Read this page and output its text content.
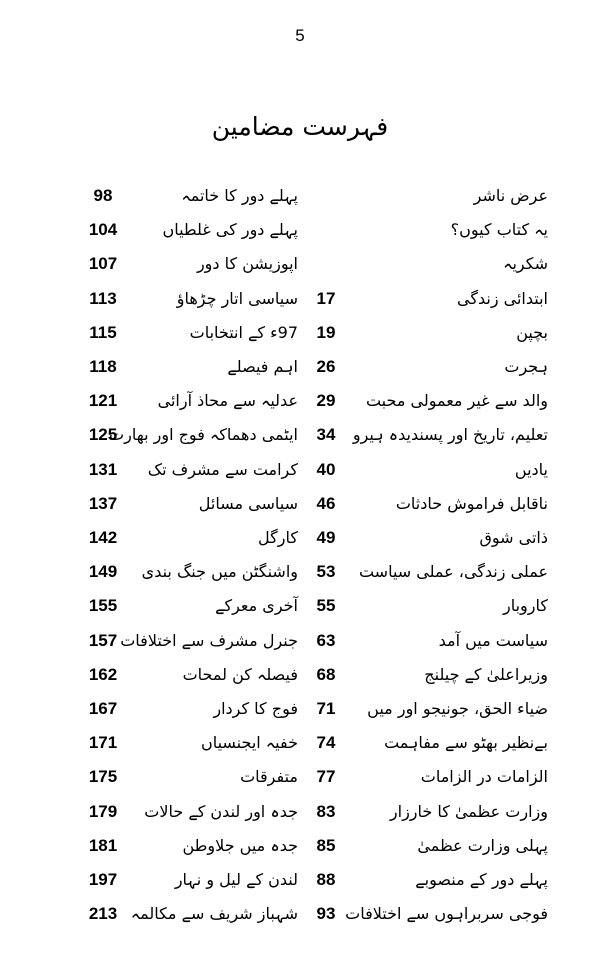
5
فہرست مضامین
عرض ناشر
پہلے دور کا خاتمہ
98
یہ کتاب کیوں؟
پہلے دور کی غلطیاں
104
شکریہ
اپوزیشن کا دور
107
ابتدائی زندگی
17
سیاسی اتار چڑھاؤ
113
بچپن
19
97ء کے انتخابات
115
ہجرت
26
اہم فیصلے
118
والد سے غیر معمولی محبت
29
عدلیہ سے محاذ آرائی
121
تعلیم، تاریخ اور پسندیدہ ہیرو
34
ایٹمی دھماکہ فوج اور بھارت
125
یادیں
40
کرامت سے مشرف تک
131
ناقابل فراموش حادثات
46
سیاسی مسائل
137
ذاتی شوق
49
کارگل
142
عملی زندگی، عملی سیاست
53
واشنگٹن میں جنگ بندی
149
کاروبار
55
آخری معرکے
155
سیاست میں آمد
63
جنرل مشرف سے اختلافات
157
وزیراعلیٰ کے چیلنج
68
فیصلہ کن لمحات
162
ضیاء الحق، جونیجو اور میں
71
فوج کا کردار
167
بےنظیر بھٹو سے مفاہمت
74
خفیہ ایجنسیاں
171
الزامات در الزامات
77
متفرقات
175
وزارت عظمیٰ کا خارزار
83
جدہ اور لندن کے حالات
179
پہلی وزارت عظمیٰ
85
جدہ میں جلاوطن
181
پہلے دور کے منصوبے
88
لندن کے لیل و نہار
197
فوجی سربراہوں سے اختلافات
93
شہباز شریف سے مکالمہ
213
